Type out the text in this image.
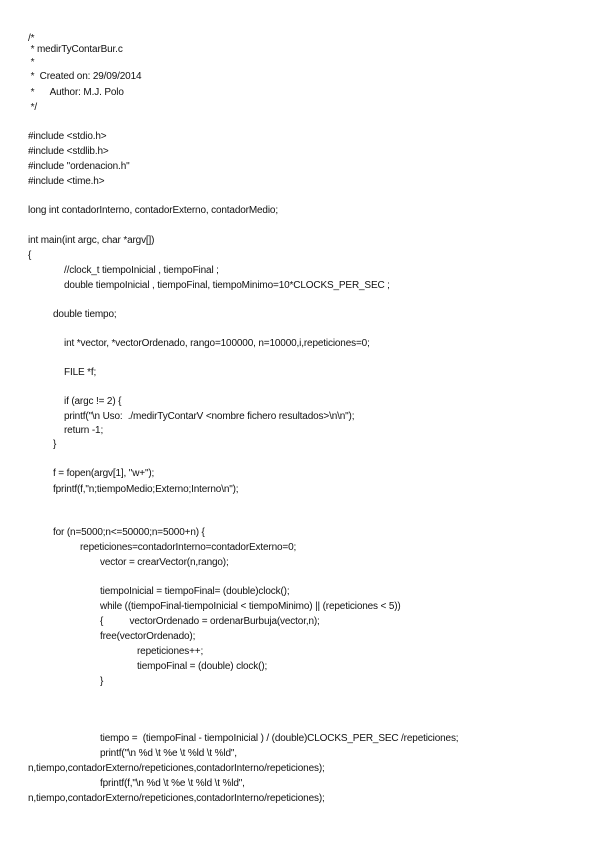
/*
* medirTyContarBur.c
*
*  Created on: 29/09/2014
*      Author: M.J. Polo
*/
#include <stdio.h>
#include <stdlib.h>
#include "ordenacion.h"
#include <time.h>
long int contadorInterno, contadorExterno, contadorMedio;
int main(int argc, char *argv[])
{
//clock_t tiempoInicial , tiempoFinal ;
double tiempoInicial , tiempoFinal, tiempoMinimo=10*CLOCKS_PER_SEC ;
double tiempo;
int *vector, *vectorOrdenado, rango=100000, n=10000,i,repeticiones=0;
FILE *f;
if (argc != 2) {
printf("\n Uso:  ./medirTyContarV <nombre fichero resultados>\n\n");
return -1;
}
f = fopen(argv[1], "w+");
fprintf(f,"n;tiempoMedio;Externo;Interno\n");
for (n=5000;n<=50000;n=5000+n) {
repeticiones=contadorInterno=contadorExterno=0;
vector = crearVector(n,rango);
tiempoInicial = tiempoFinal= (double)clock();
while ((tiempoFinal-tiempoInicial < tiempoMinimo) || (repeticiones < 5))
{          vectorOrdenado = ordenarBurbuja(vector,n);
free(vectorOrdenado);
repeticiones++;
tiempoFinal = (double) clock();
}
tiempo =  (tiempoFinal - tiempoInicial ) / (double)CLOCKS_PER_SEC /repeticiones;
printf("\n %d \t %e \t %ld \t %ld",
n,tiempo,contadorExterno/repeticiones,contadorInterno/repeticiones);
fprintf(f,"\n %d \t %e \t %ld \t %ld",
n,tiempo,contadorExterno/repeticiones,contadorInterno/repeticiones);
